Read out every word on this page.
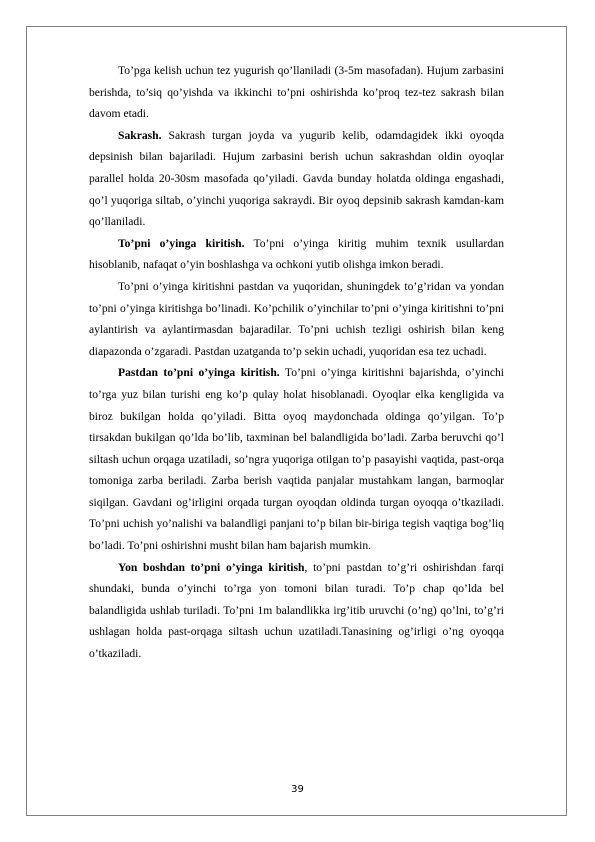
To’pga kelish uchun tez yugurish qo’llaniladi (3-5m masofadan). Hujum zarbasini berishda, to’siq qo’yishda va ikkinchi to’pni oshirishda ko’proq tez-tez sakrash bilan davom etadi.

Sakrash. Sakrash turgan joyda va yugurib kelib, odamdagidek ikki oyoqda depsinish bilan bajariladi. Hujum zarbasini berish uchun sakrashdan oldin oyoqlar parallel holda 20-30sm masofada qo’yiladi. Gavda bunday holatda oldinga engashadi, qo’l yuqoriga siltab, o’yinchi yuqoriga sakraydi. Bir oyoq depsinib sakrash kamdan-kam qo’llaniladi.

To’pni o’yinga kiritish. To’pni o’yinga kiritig muhim texnik usullardan hisoblanib, nafaqat o’yin boshlashga va ochkoni yutib olishga imkon beradi.

To’pni o’yinga kiritishni pastdan va yuqoridan, shuningdek to’g’ridan va yondan to’pni o’yinga kiritishga bo’linadi. Ko’pchilik o’yinchilar to’pni o’yinga kiritishni to’pni aylantirish va aylantirmasdan bajaradilar. To’pni uchish tezligi oshirish bilan keng diapazonda o’zgaradi. Pastdan uzatganda to’p sekin uchadi, yuqoridan esa tez uchadi.

Pastdan to’pni o’yinga kiritish. To’pni o’yinga kiritishni bajarishda, o’yinchi to’rga yuz bilan turishi eng ko’p qulay holat hisoblanadi. Oyoqlar elka kengligida va biroz bukilgan holda qo’yiladi. Bitta oyoq maydonchada oldinga qo’yilgan. To’p tirsakdan bukilgan qo’lda bo’lib, taxminan bel balandligida bo’ladi. Zarba beruvchi qo’l siltash uchun orqaga uzatiladi, so’ngra yuqoriga otilgan to’p pasayishi vaqtida, past-orqa tomoniga zarba beriladi. Zarba berish vaqtida panjalar mustahkam langan, barmoqlar siqilgan. Gavdani og’irligini orqada turgan oyoqdan oldinda turgan oyoqqa o’tkaziladi. To’pni uchish yo’nalishi va balandligi panjani to’p bilan bir-biriga tegish vaqtiga bog’liq bo’ladi. To’pni oshirishni musht bilan ham bajarish mumkin.

Yon boshdan to’pni o’yinga kiritish, to’pni pastdan to’g’ri oshirishdan farqi shundaki, bunda o’yinchi to’rga yon tomoni bilan turadi. To’p chap qo’lda bel balandligida ushlab turiladi. To’pni 1m balandlikka irg’itib uruvchi (o’ng) qo’lni, to’g’ri ushlagan holda past-orqaga siltash uchun uzatiladi.Tanasining og’irligi o’ng oyoqqa o’tkaziladi.

39
